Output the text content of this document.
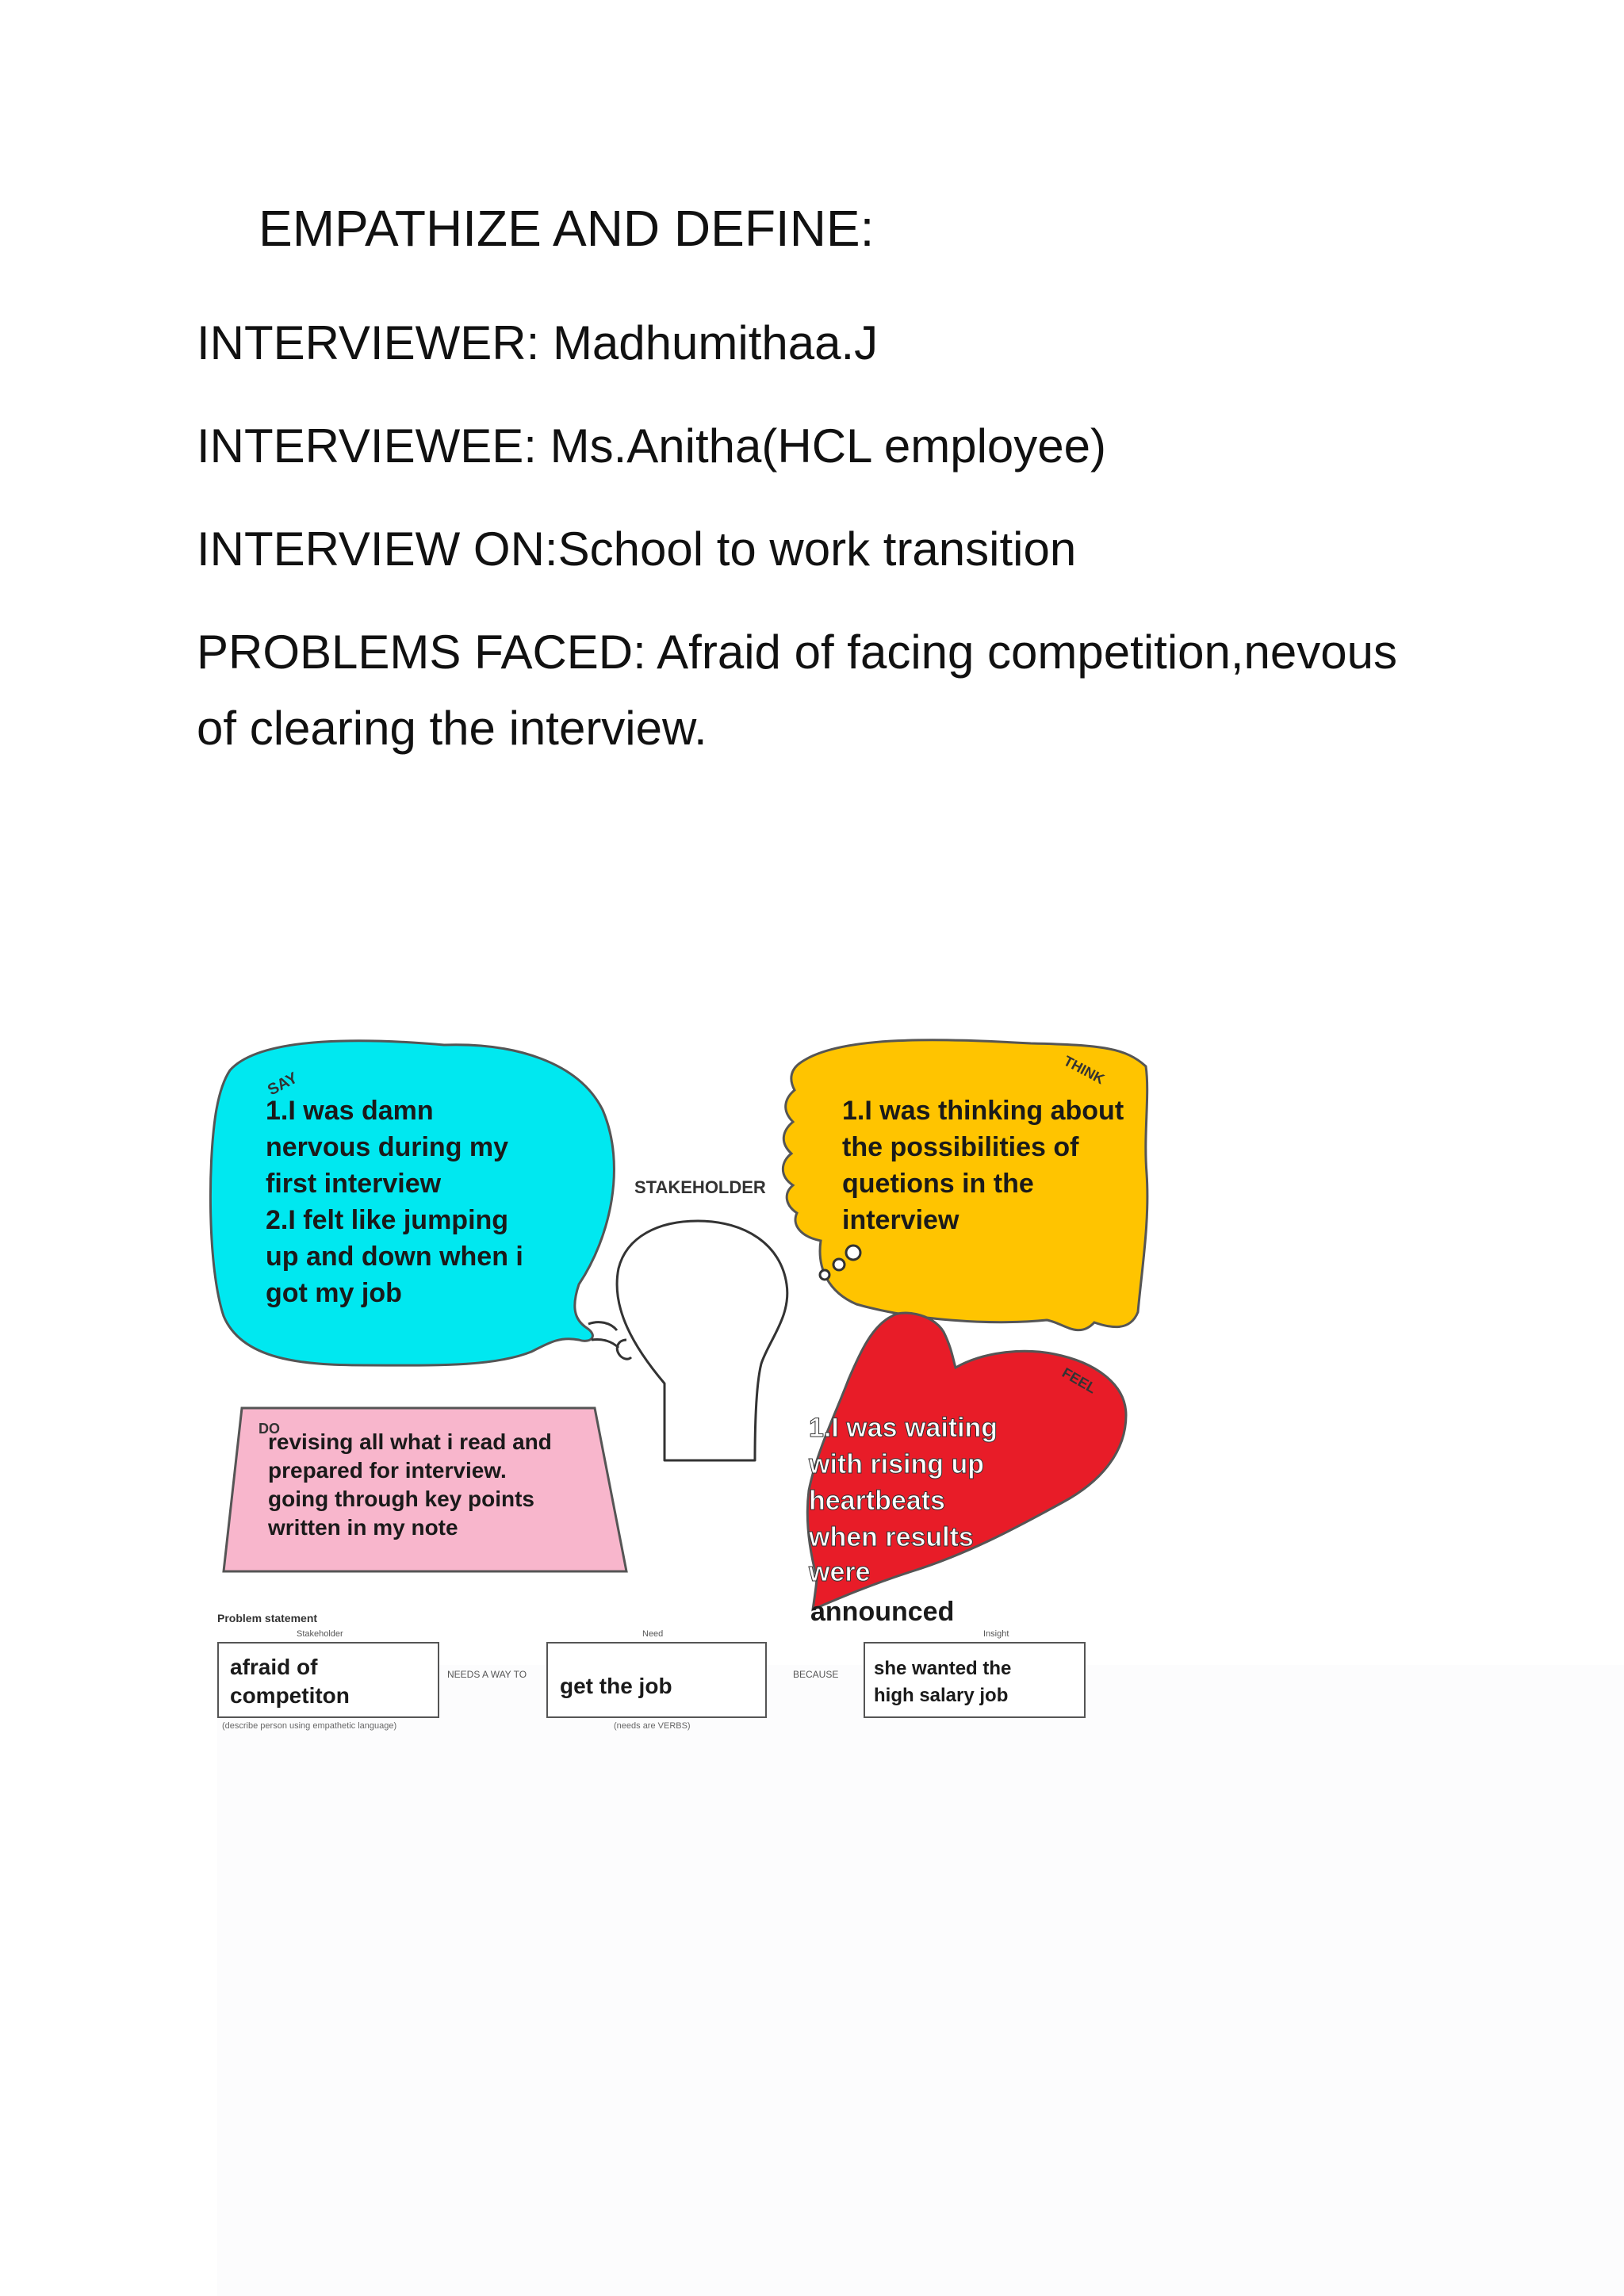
EMPATHIZE AND DEFINE:
INTERVIEWER: Madhumithaa.J
INTERVIEWEE: Ms.Anitha(HCL employee)
INTERVIEW ON:School to work transition
PROBLEMS FACED: Afraid of facing competition,nevous of clearing the interview.
SAY
1.I was damn
nervous during my
first interview
2.I felt like jumping
up and down when i
got my job
THINK
1.I was thinking about
the possibilities of
quetions in the
interview
STAKEHOLDER
FEEL
1.I was waiting
with rising up
heartbeats
when results
were
announced
DO
revising all what i read and
prepared for interview.
going through key points
written in my note
Problem statement
Stakeholder	Need	Insight
afraid of
competiton
(describe person using empathetic language)
NEEDS A WAY TO get the job
(needs are VERBS)
BECAUSE she wanted the
high salary job
